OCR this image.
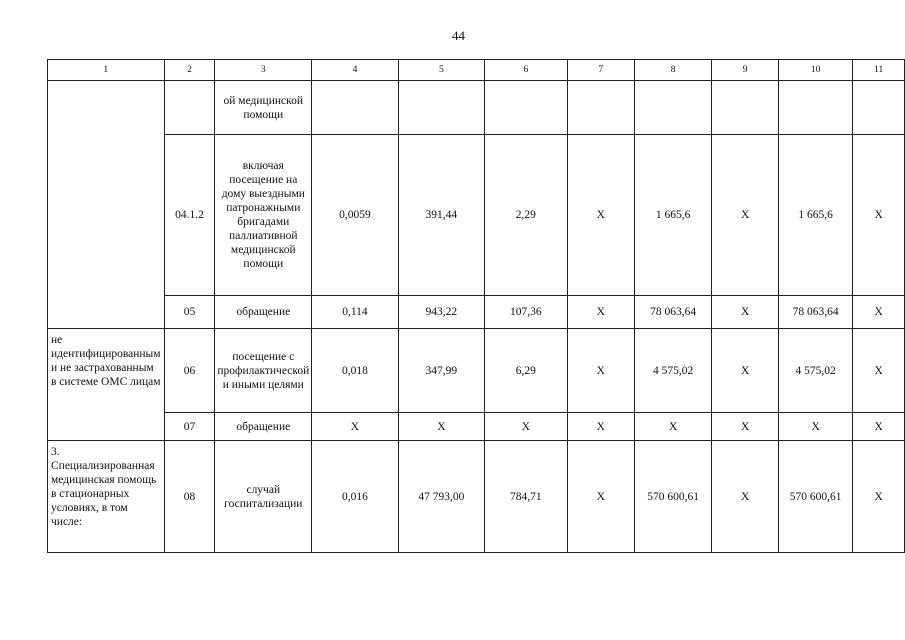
44
1	2	3	4	5	6	7	8	9	10	11
		ой медицинской помощи								
	04.1.2	включая посещение на дому выездными патронажными бригадами паллиативной медицинской помощи	0,0059	391,44	2,29	Х	1 665,6	Х	1 665,6	Х
	05	обращение	0,114	943,22	107,36	Х	78 063,64	Х	78 063,64	Х
не идентифицированным и не застрахованным в системе ОМС лицам	06	посещение с профилактической и иными целями	0,018	347,99	6,29	Х	4 575,02	Х	4 575,02	Х
	07	обращение	Х	Х	Х	Х	Х	Х	Х	Х
3. Специализированная медицинская помощь в стационарных условиях, в том числе:	08	случай госпитализации	0,016	47 793,00	784,71	Х	570 600,61	Х	570 600,61	Х
